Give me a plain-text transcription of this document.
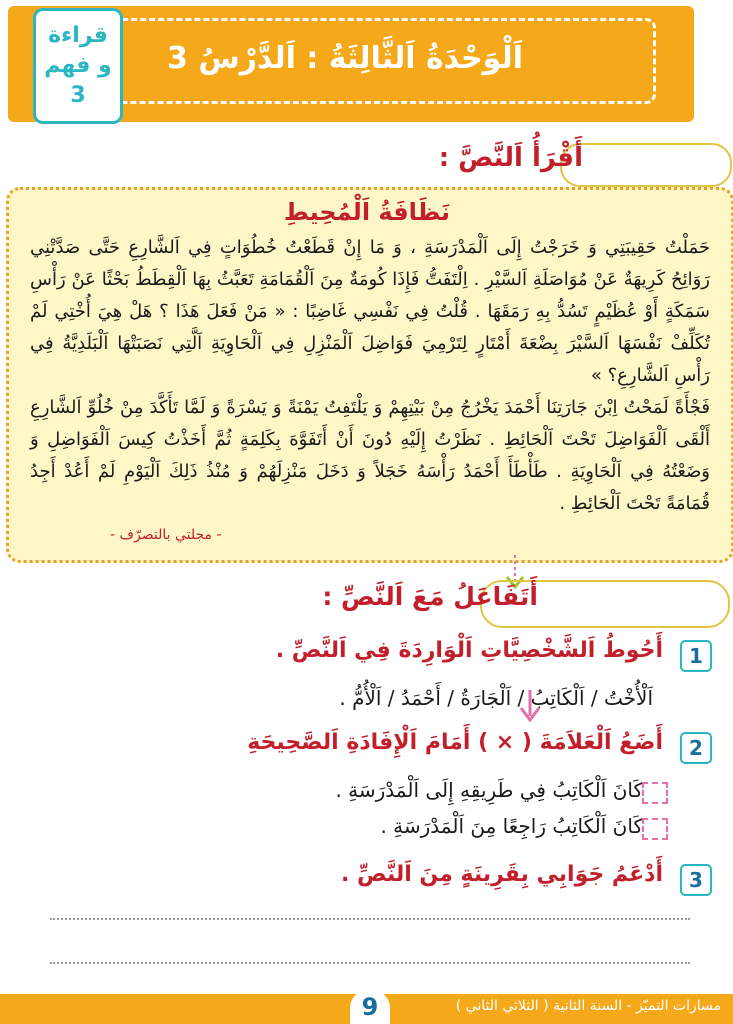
اَلْوَحْدَةُ اَلثَّالِثَةُ : اَلدَّرْسُ 3
قراءة
و فهم
3
أَقْرَأُ اَلنَّصَّ :
نَظَافَةُ اَلْمُحِيطِ

حَمَلْتُ حَقِيبَتِي وَ خَرَجْتُ إِلَى اَلْمَدْرَسَةِ ، وَ مَا إِنْ قَطَعْتُ خُطُوَاتٍ فِي اَلشَّارِعِ حَتَّى صَدَّتْنِي رَوَائِحُ كَرِيهَةٌ عَنْ مُوَاصَلَةِ اَلسَّيْرِ . اِلْتَفَتُّ فَإِذَا كُومَةٌ مِنَ اَلْقُمَامَةِ تَعَبَّثُ بِهَا اَلْقِطَطُ بَحْثًا عَنْ رَأْسِ سَمَكَةٍ أَوْ عُظَيْمٍ تَسُدُّ بِهِ رَمَقَهَا . قُلْتُ فِي نَفْسِي غَاضِبًا : « مَنْ فَعَلَ هَذَا ؟ هَلْ هِيَ أُخْتِي لَمْ تُكَلِّفْ نَفْسَهَا اَلسَّيْرَ بِضْعَةَ أَمْتَارٍ لِتَرْمِيَ فَوَاضِلَ اَلْمَنْزِلِ فِي اَلْحَاوِيَةِ اَلَّتِي نَصَبَتْهَا اَلْبَلَدِيَّةُ فِي رَأْسِ اَلشَّارِعِ؟ »

فَجْأَةً لَمَحْتُ اِبْنَ جَارَتِنَا أَحْمَدَ يَخْرُجُ مِنْ بَيْتِهِمْ وَ يَلْتَفِتُ يَمْنَةً وَ يَسْرَةً وَ لَمَّا تَأَكَّدَ مِنْ خُلُوِّ اَلشَّارِعِ أَلْقَى اَلْفَوَاضِلَ تَحْتَ اَلْحَائِطِ . نَظَرْتُ إِلَيْهِ دُونَ أَنْ أَتَفَوَّهَ بِكَلِمَةٍ ثُمَّ أَخَذْتُ كِيسَ اَلْفَوَاضِلِ وَ وَضَعْتُهُ فِي اَلْحَاوِيَةِ . طَأْطَأَ أَحْمَدُ رَأْسَهُ خَجَلاً وَ دَخَلَ مَنْزِلَهُمْ وَ مُنْذُ ذَلِكَ اَلْيَوْمِ لَمْ أَعُدْ أَجِدُ قُمَامَةً تَحْتَ اَلْحَائِطِ .

- مجلتي بالتصرّف -
أَتَفَاعَلُ مَعَ اَلنَّصِّ :
1
أَحُوطُ اَلشَّخْصِيَّاتِ اَلْوَارِدَةَ فِي اَلنَّصِّ .
اَلْأُخْتُ / اَلْكَاتِبُ / اَلْجَارَةُ / أَحْمَدُ / اَلْأُمُّ .
2
أَضَعُ اَلْعَلاَمَةَ ( × ) أَمَامَ اَلْإِفَادَةِ اَلصَّحِيحَةِ
كَانَ اَلْكَاتِبُ فِي طَرِيقِهِ إِلَى اَلْمَدْرَسَةِ .
كَانَ اَلْكَاتِبُ رَاجِعًا مِنَ اَلْمَدْرَسَةِ .
3
أَدْعَمُ جَوَابِي بِقَرِينَةٍ مِنَ اَلنَّصِّ .
مسارات التميّز - السنة الثانية ( الثلاثي الثاني )
9
